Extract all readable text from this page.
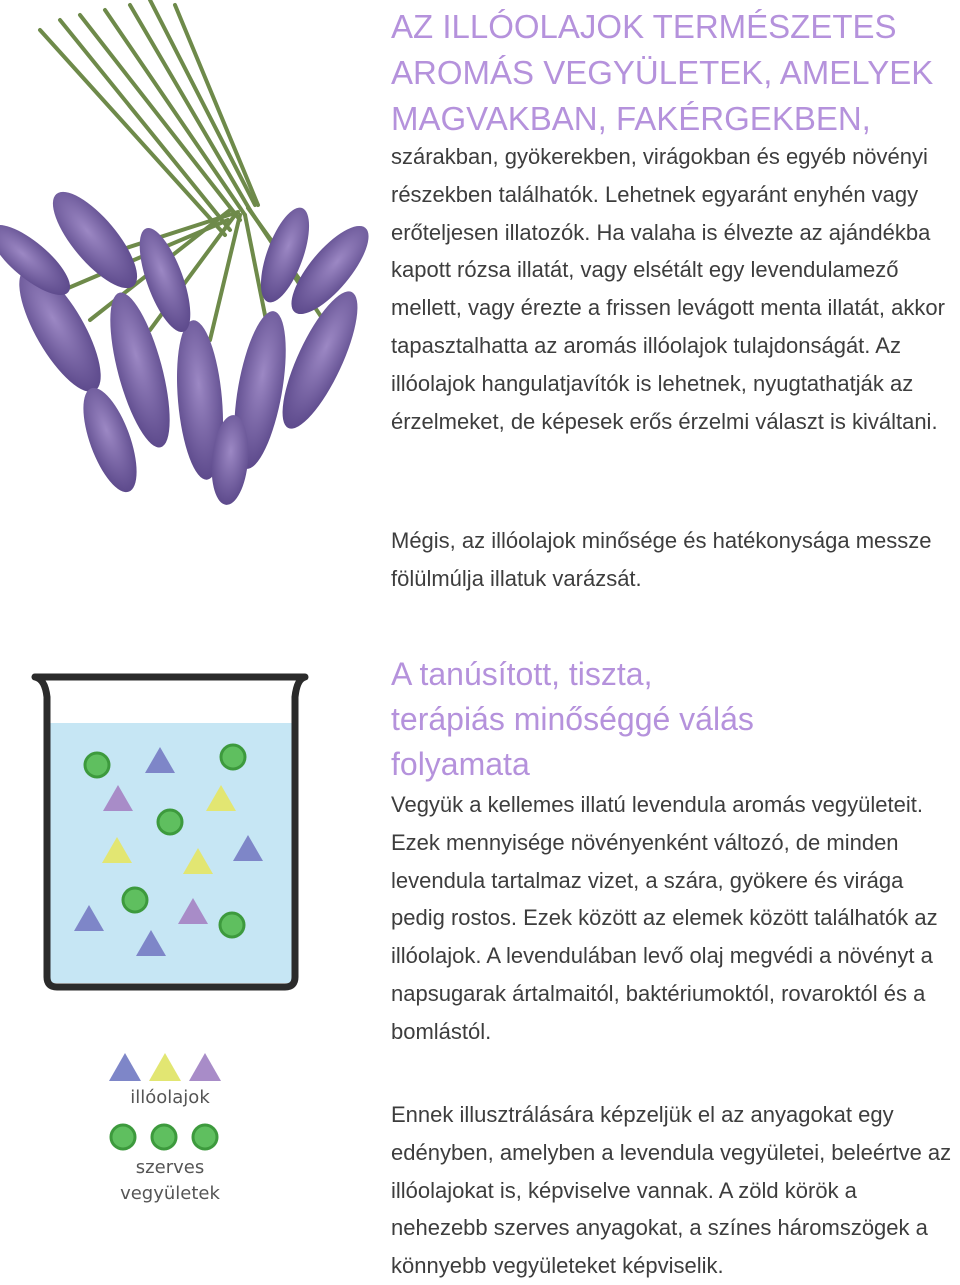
AZ ILLÓOLAJOK TERMÉSZETES
AROMÁS VEGYÜLETEK, AMELYEK
MAGVAKBAN, FAKÉRGEKBEN,

szárakban, gyökerekben, virágokban és egyéb növényi részekben találhatók. Lehetnek egyaránt enyhén vagy erőteljesen illatozók. Ha valaha is élvezte az ajándékba kapott rózsa illatát, vagy elsétált egy levendulamező mellett, vagy érezte a frissen levágott menta illatát, akkor tapasztalhatta az aromás illóolajok tulajdonságát. Az illóolajok hangulatjavítók is lehetnek, nyugtathatják az érzelmeket, de képesek erős érzelmi választ is kiváltani.

Mégis, az illóolajok minősége és hatékonysága messze fölülmúlja illatuk varázsát.

A tanúsított, tiszta,
terápiás minőséggé válás
folyamata

Vegyük a kellemes illatú levendula aromás vegyületeit. Ezek mennyisége növényenként változó, de minden levendula tartalmaz vizet, a szára, gyökere és virága pedig rostos. Ezek között az elemek között találhatók az illóolajok. A levendulában levő olaj megvédi a növényt a napsugarak ártalmaitól, baktériumoktól, rovaroktól és a bomlástól.

Ennek illusztrálására képzeljük el az anyagokat egy edényben, amelyben a levendula vegyületei, beleértve az illóolajokat is, képviselve vannak. A zöld körök a nehezebb szerves anyagokat, a színes háromszögek a könnyebb vegyületeket képviselik.

illóolajok
szerves
vegyületek
